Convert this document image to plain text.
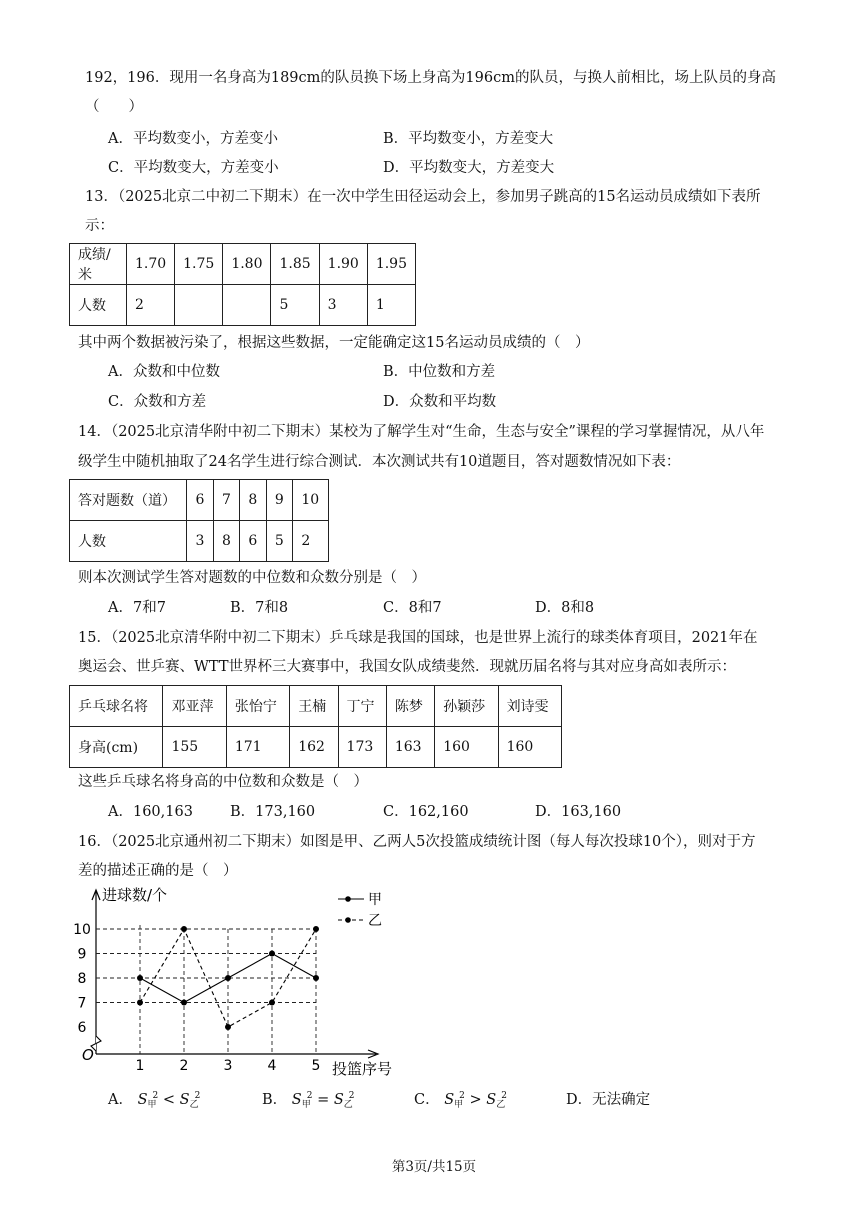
192，196．现用一名身高为189cm的队员换下场上身高为196cm的队员，与换人前相比，场上队员的身高
（　　）
A．平均数变小，方差变小	B．平均数变小，方差变大
C．平均数变大，方差变小	D．平均数变大，方差变大
13．（2025北京二中初二下期末）在一次中学生田径运动会上，参加男子跳高的15名运动员成绩如下表所
示：
成绩/米	1.70	1.75	1.80	1.85	1.90	1.95
人数	2			5	3	1
其中两个数据被污染了，根据这些数据，一定能确定这15名运动员成绩的（　）
A．众数和中位数	B．中位数和方差
C．众数和方差	D．众数和平均数
14．（2025北京清华附中初二下期末）某校为了解学生对“生命，生态与安全”课程的学习掌握情况，从八年
级学生中随机抽取了24名学生进行综合测试．本次测试共有10道题目，答对题数情况如下表：
答对题数（道）	6	7	8	9	10
人数	3	8	6	5	2
则本次测试学生答对题数的中位数和众数分别是（　）
A．7和7	B．7和8	C．8和7	D．8和8
15．（2025北京清华附中初二下期末）乒乓球是我国的国球，也是世界上流行的球类体育项目，2021年在
奥运会、世乒赛、WTT世界杯三大赛事中，我国女队成绩斐然．现就历届名将与其对应身高如表所示：
乒乓球名将	邓亚萍	张怡宁	王楠	丁宁	陈梦	孙颖莎	刘诗雯
身高(cm)	155	171	162	173	163	160	160
这些乒乓球名将身高的中位数和众数是（　）
A．160,163	B．173,160	C．162,160	D．163,160
16．（2025北京通州初二下期末）如图是甲、乙两人5次投篮成绩统计图（每人每次投球10个），则对于方
差的描述正确的是（　）
进球数/个
投篮序号
O
6
7
8
9
10
1	2	3	4	5
甲
乙
A． $S_甲^2 < S_乙^2$	B． $S_甲^2 = S_乙^2$	C． $S_甲^2 > S_乙^2$	D．无法确定
第3页/共15页
